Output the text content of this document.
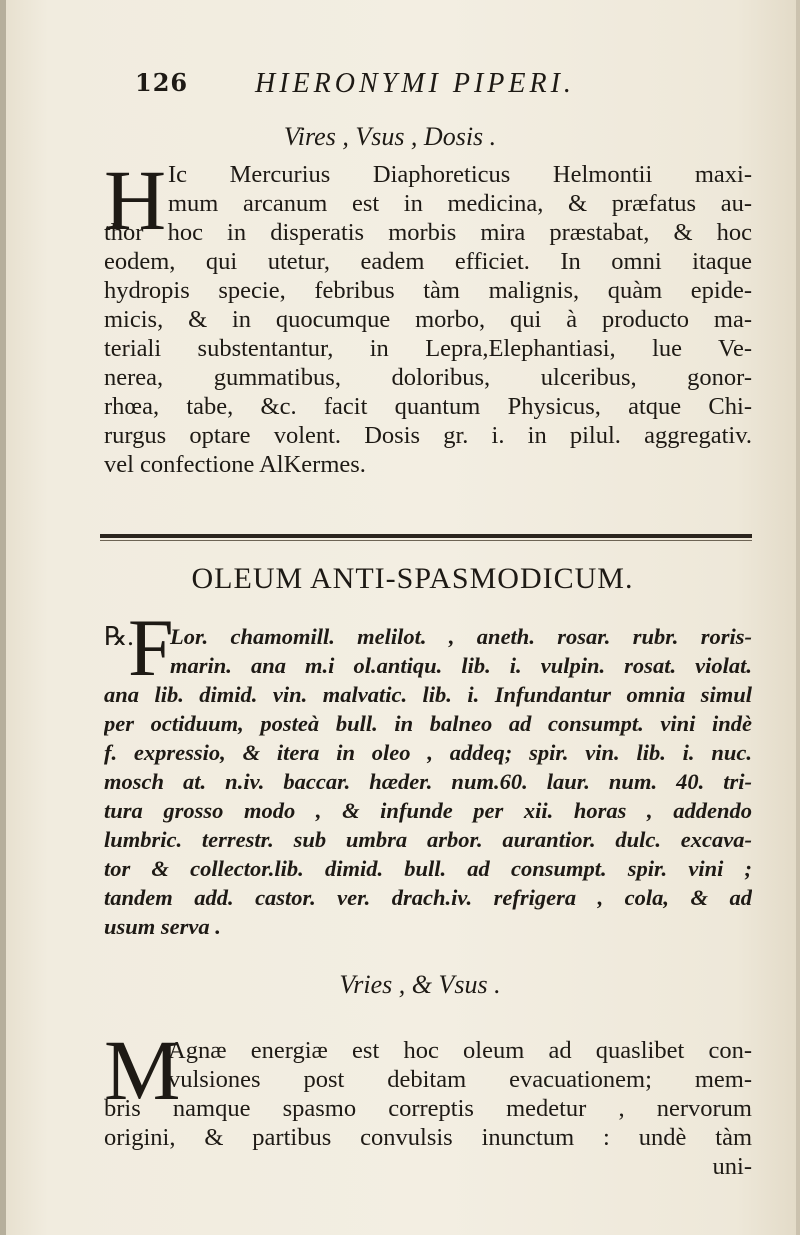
126 HIERONYMI PIPERI.
Vires , Vsus , Dosis .
H Ic Mercurius Diaphoreticus Helmontii maxi-
mum arcanum est in medicina, & præfatus au-
thor hoc in disperatis morbis mira præstabat, & hoc
eodem, qui utetur, eadem efficiet. In omni itaque
hydropis specie, febribus tàm malignis, quàm epide-
micis, & in quocumque morbo, qui à producto ma-
teriali substentantur, in Lepra,Elephantiasi, lue Ve-
nerea, gummatibus, doloribus, ulceribus, gonor-
rhœa, tabe, &c. facit quantum Physicus, atque Chi-
rurgus optare volent. Dosis gr. i. in pilul. aggregativ.
vel confectione AlKermes.
OLEUM ANTI-SPASMODICUM.
℞.
F
Lor. chamomill. melilot. , aneth. rosar. rubr. roris-
marin. ana m.i ol.antiqu. lib. i. vulpin. rosat. violat.
ana lib. dimid. vin. malvatic. lib. i. Infundantur omnia simul
per octiduum, posteà bull. in balneo ad consumpt. vini indè
f. expressio, & itera in oleo , addeq; spir. vin. lib. i. nuc.
mosch at. n.iv. baccar. hæder. num.60. laur. num. 40. tri-
tura grosso modo , & infunde per xii. horas , addendo
lumbric. terrestr. sub umbra arbor. aurantior. dulc. excava-
tor & collector.lib. dimid. bull. ad consumpt. spir. vini ;
tandem add. castor. ver. drach.iv. refrigera , cola, & ad
usum serva .
Vries , & Vsus .
M
Agnæ energiæ est hoc oleum ad quaslibet con-
vulsiones post debitam evacuationem; mem-
bris namque spasmo correptis medetur , nervorum
origini, & partibus convulsis inunctum : undè tàm
uni-
